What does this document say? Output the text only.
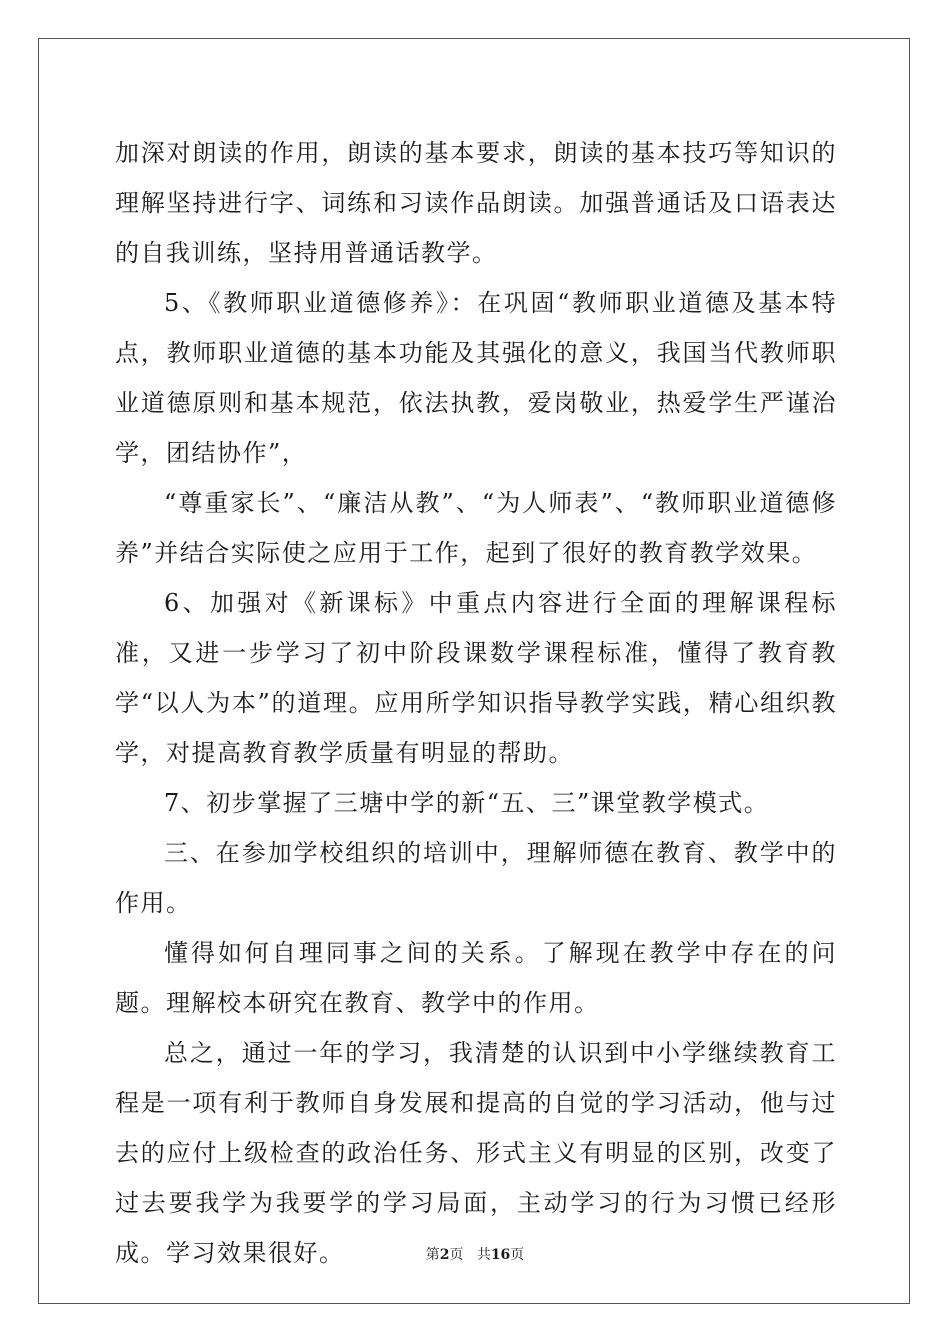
加深对朗读的作用，朗读的基本要求，朗读的基本技巧等知识的理解坚持进行字、词练和习读作品朗读。加强普通话及口语表达的自我训练，坚持用普通话教学。

5、《教师职业道德修养》：在巩固“教师职业道德及基本特点，教师职业道德的基本功能及其强化的意义，我国当代教师职业道德原则和基本规范，依法执教，爱岗敬业，热爱学生严谨治学，团结协作”，

“尊重家长”、“廉洁从教”、“为人师表”、“教师职业道德修养”并结合实际使之应用于工作，起到了很好的教育教学效果。

6、加强对《新课标》中重点内容进行全面的理解课程标准，又进一步学习了初中阶段课数学课程标准，懂得了教育教学“以人为本”的道理。应用所学知识指导教学实践，精心组织教学，对提高教育教学质量有明显的帮助。

7、初步掌握了三塘中学的新“五、三”课堂教学模式。

三、在参加学校组织的培训中，理解师德在教育、教学中的作用。

懂得如何自理同事之间的关系。了解现在教学中存在的问题。理解校本研究在教育、教学中的作用。

总之，通过一年的学习，我清楚的认识到中小学继续教育工程是一项有利于教师自身发展和提高的自觉的学习活动，他与过去的应付上级检查的政治任务、形式主义有明显的区别，改变了过去要我学为我要学的学习局面，主动学习的行为习惯已经形成。学习效果很好。	第2页 共16页
